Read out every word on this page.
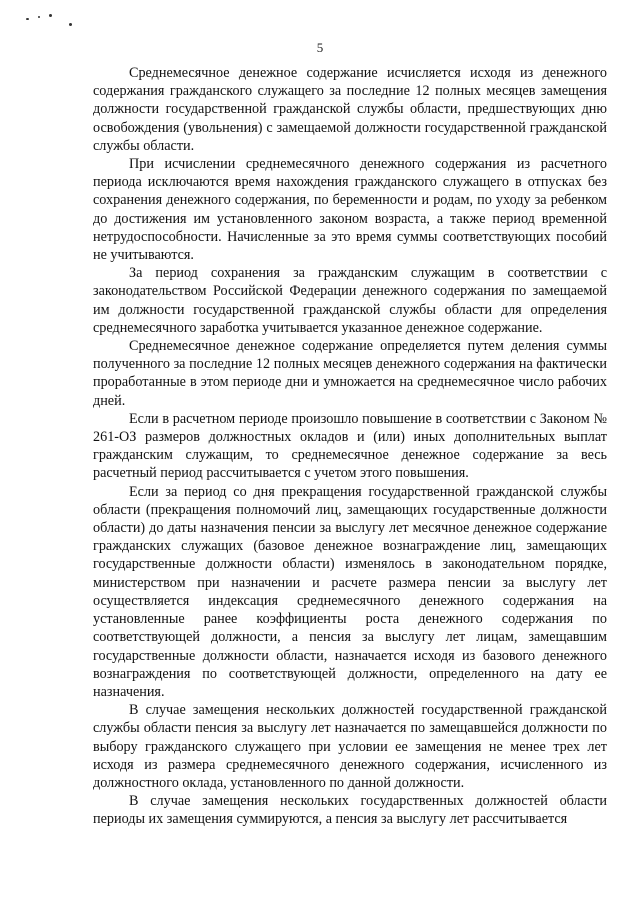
5

Среднемесячное денежное содержание исчисляется исходя из денежного содержания гражданского служащего за последние 12 полных месяцев замещения должности государственной гражданской службы области, предшествующих дню освобождения (увольнения) с замещаемой должности государственной гражданской службы области.

При исчислении среднемесячного денежного содержания из расчетного периода исключаются время нахождения гражданского служащего в отпусках без сохранения денежного содержания, по беременности и родам, по уходу за ребенком до достижения им установленного законом возраста, а также период временной нетрудоспособности. Начисленные за это время суммы соответствующих пособий не учитываются.

За период сохранения за гражданским служащим в соответствии с законодательством Российской Федерации денежного содержания по замещаемой им должности государственной гражданской службы области для определения среднемесячного заработка учитывается указанное денежное содержание.

Среднемесячное денежное содержание определяется путем деления суммы полученного за последние 12 полных месяцев денежного содержания на фактически проработанные в этом периоде дни и умножается на среднемесячное число рабочих дней.

Если в расчетном периоде произошло повышение в соответствии с Законом № 261-ОЗ размеров должностных окладов и (или) иных дополнительных выплат гражданским служащим, то среднемесячное денежное содержание за весь расчетный период рассчитывается с учетом этого повышения.

Если за период со дня прекращения государственной гражданской службы области (прекращения полномочий лиц, замещающих государственные должности области) до даты назначения пенсии за выслугу лет месячное денежное содержание гражданских служащих (базовое денежное вознаграждение лиц, замещающих государственные должности области) изменялось в законодательном порядке, министерством при назначении и расчете размера пенсии за выслугу лет осуществляется индексация среднемесячного денежного содержания на установленные ранее коэффициенты роста денежного содержания по соответствующей должности, а пенсия за выслугу лет лицам, замещавшим государственные должности области, назначается исходя из базового денежного вознаграждения по соответствующей должности, определенного на дату ее назначения.

В случае замещения нескольких должностей государственной гражданской службы области пенсия за выслугу лет назначается по замещавшейся должности по выбору гражданского служащего при условии ее замещения не менее трех лет исходя из размера среднемесячного денежного содержания, исчисленного из должностного оклада, установленного по данной должности.

В случае замещения нескольких государственных должностей области периоды их замещения суммируются, а пенсия за выслугу лет рассчитывается
